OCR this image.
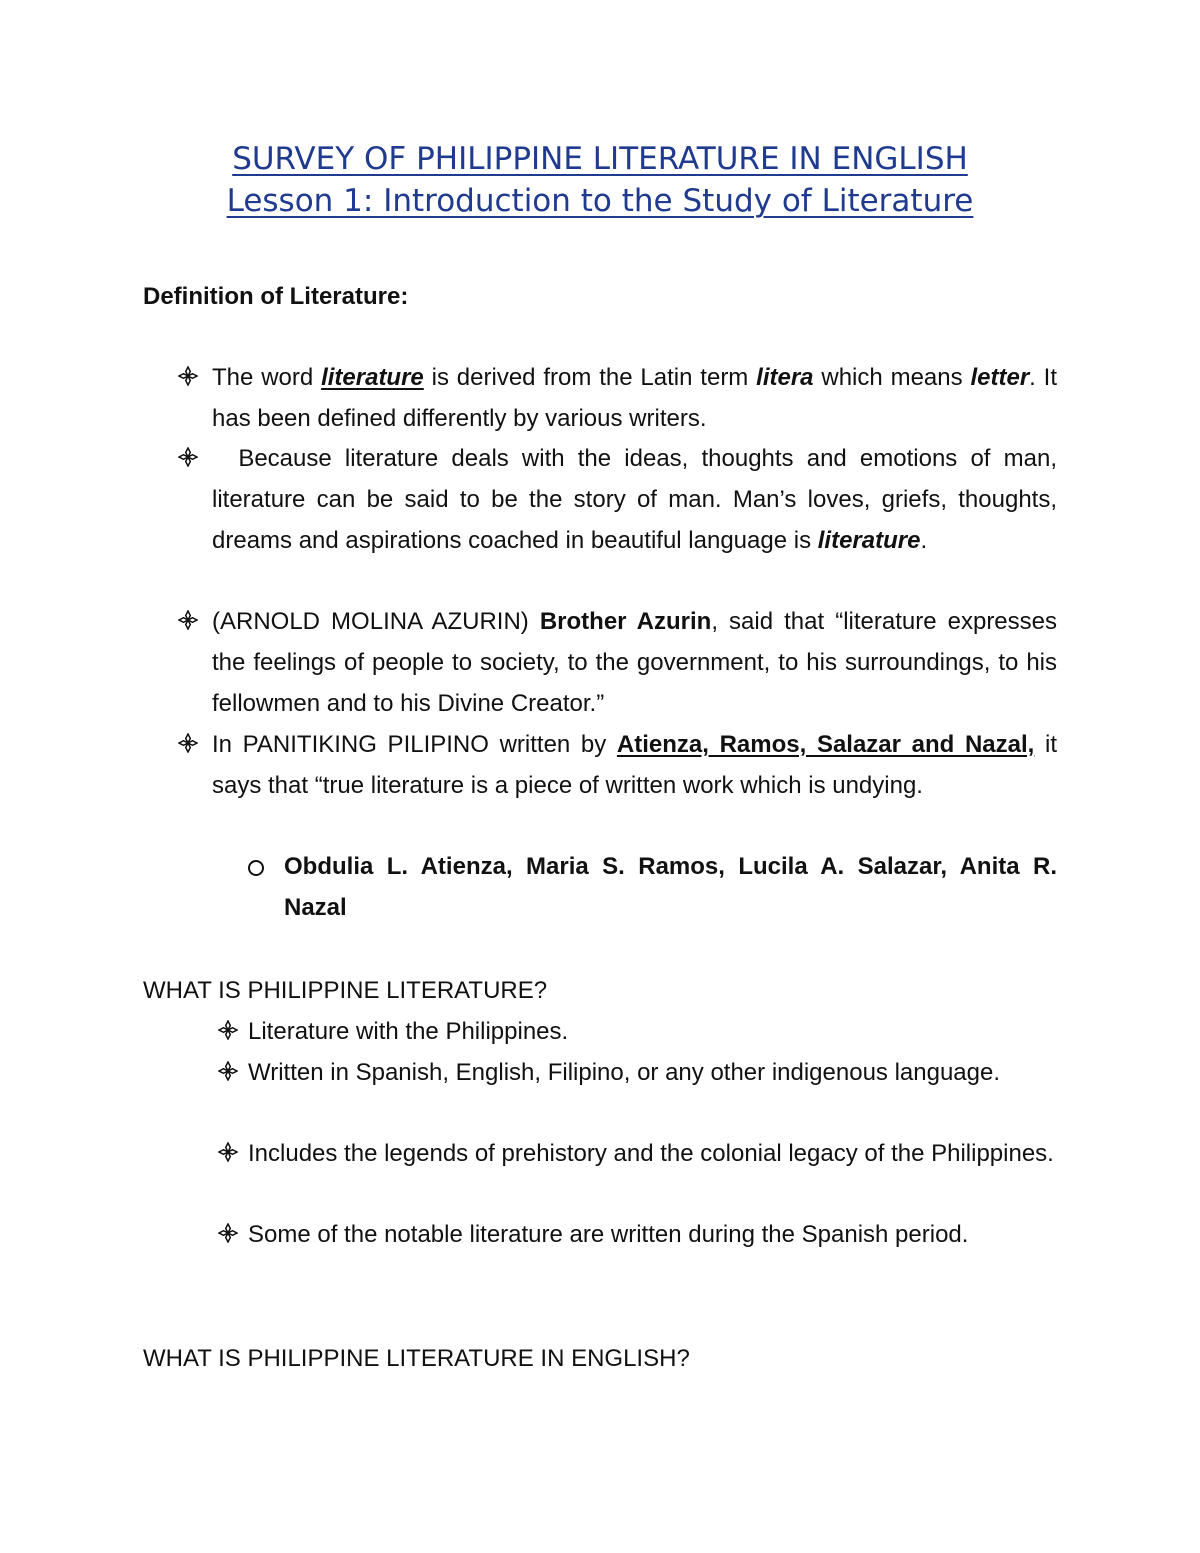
SURVEY OF PHILIPPINE LITERATURE IN ENGLISH
Lesson 1: Introduction to the Study of Literature
Definition of Literature:
The word literature is derived from the Latin term litera which means letter. It has been defined differently by various writers.
Because literature deals with the ideas, thoughts and emotions of man, literature can be said to be the story of man. Man’s loves, griefs, thoughts, dreams and aspirations coached in beautiful language is literature.
(ARNOLD MOLINA AZURIN) Brother Azurin, said that “literature expresses the feelings of people to society, to the government, to his surroundings, to his fellowmen and to his Divine Creator.”
In PANITIKING PILIPINO written by Atienza, Ramos, Salazar and Nazal, it says that “true literature is a piece of written work which is undying.
Obdulia L. Atienza, Maria S. Ramos, Lucila A. Salazar, Anita R. Nazal
WHAT IS PHILIPPINE LITERATURE?
Literature with the Philippines.
Written in Spanish, English, Filipino, or any other indigenous language.
Includes the legends of prehistory and the colonial legacy of the Philippines.
Some of the notable literature are written during the Spanish period.
WHAT IS PHILIPPINE LITERATURE IN ENGLISH?
